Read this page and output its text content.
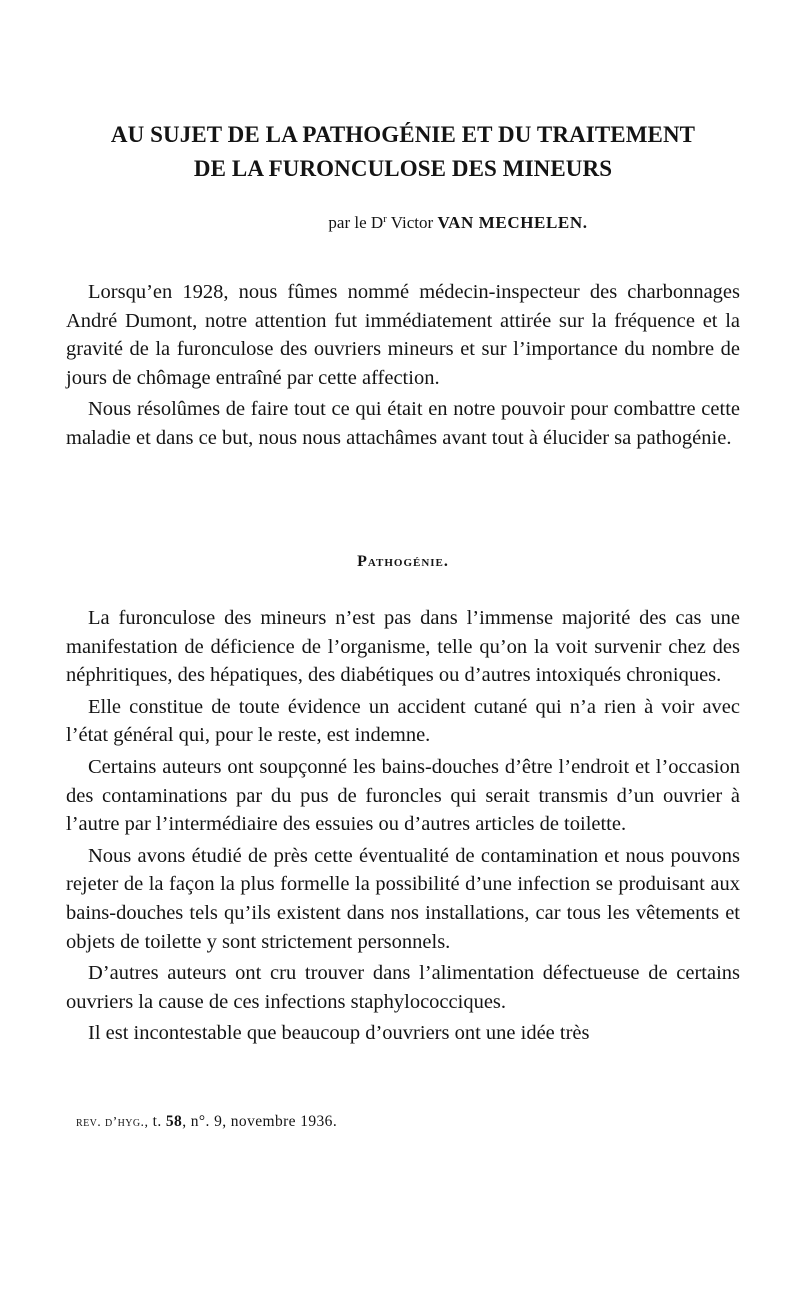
AU SUJET DE LA PATHOGÉNIE ET DU TRAITEMENT
DE LA FURONCULOSE DES MINEURS
par le $D^r$ Victor VAN MECHELEN.

Lorsqu’en 1928, nous fûmes nommé médecin-inspecteur des charbonnages André Dumont, notre attention fut immédiatement attirée sur la fréquence et la gravité de la furonculose des ouvriers mineurs et sur l’importance du nombre de jours de chômage entraîné par cette affection.

Nous résolûmes de faire tout ce qui était en notre pouvoir pour combattre cette maladie et dans ce but, nous nous attachâmes avant tout à élucider sa pathogénie.

Pathogénie.

La furonculose des mineurs n’est pas dans l’immense majorité des cas une manifestation de déficience de l’organisme, telle qu’on la voit survenir chez des néphritiques, des hépatiques, des diabétiques ou d’autres intoxiqués chroniques.

Elle constitue de toute évidence un accident cutané qui n’a rien à voir avec l’état général qui, pour le reste, est indemne.

Certains auteurs ont soupçonné les bains-douches d’être l’endroit et l’occasion des contaminations par du pus de furoncles qui serait transmis d’un ouvrier à l’autre par l’intermédiaire des essuies ou d’autres articles de toilette.

Nous avons étudié de près cette éventualité de contamination et nous pouvons rejeter de la façon la plus formelle la possibilité d’une infection se produisant aux bains-douches tels qu’ils existent dans nos installations, car tous les vêtements et objets de toilette y sont strictement personnels.

D’autres auteurs ont cru trouver dans l’alimentation défectueuse de certains ouvriers la cause de ces infections staphylococciques.

Il est incontestable que beaucoup d’ouvriers ont une idée très

rev. d’hyg., t. 58, n°. 9, novembre 1936.
